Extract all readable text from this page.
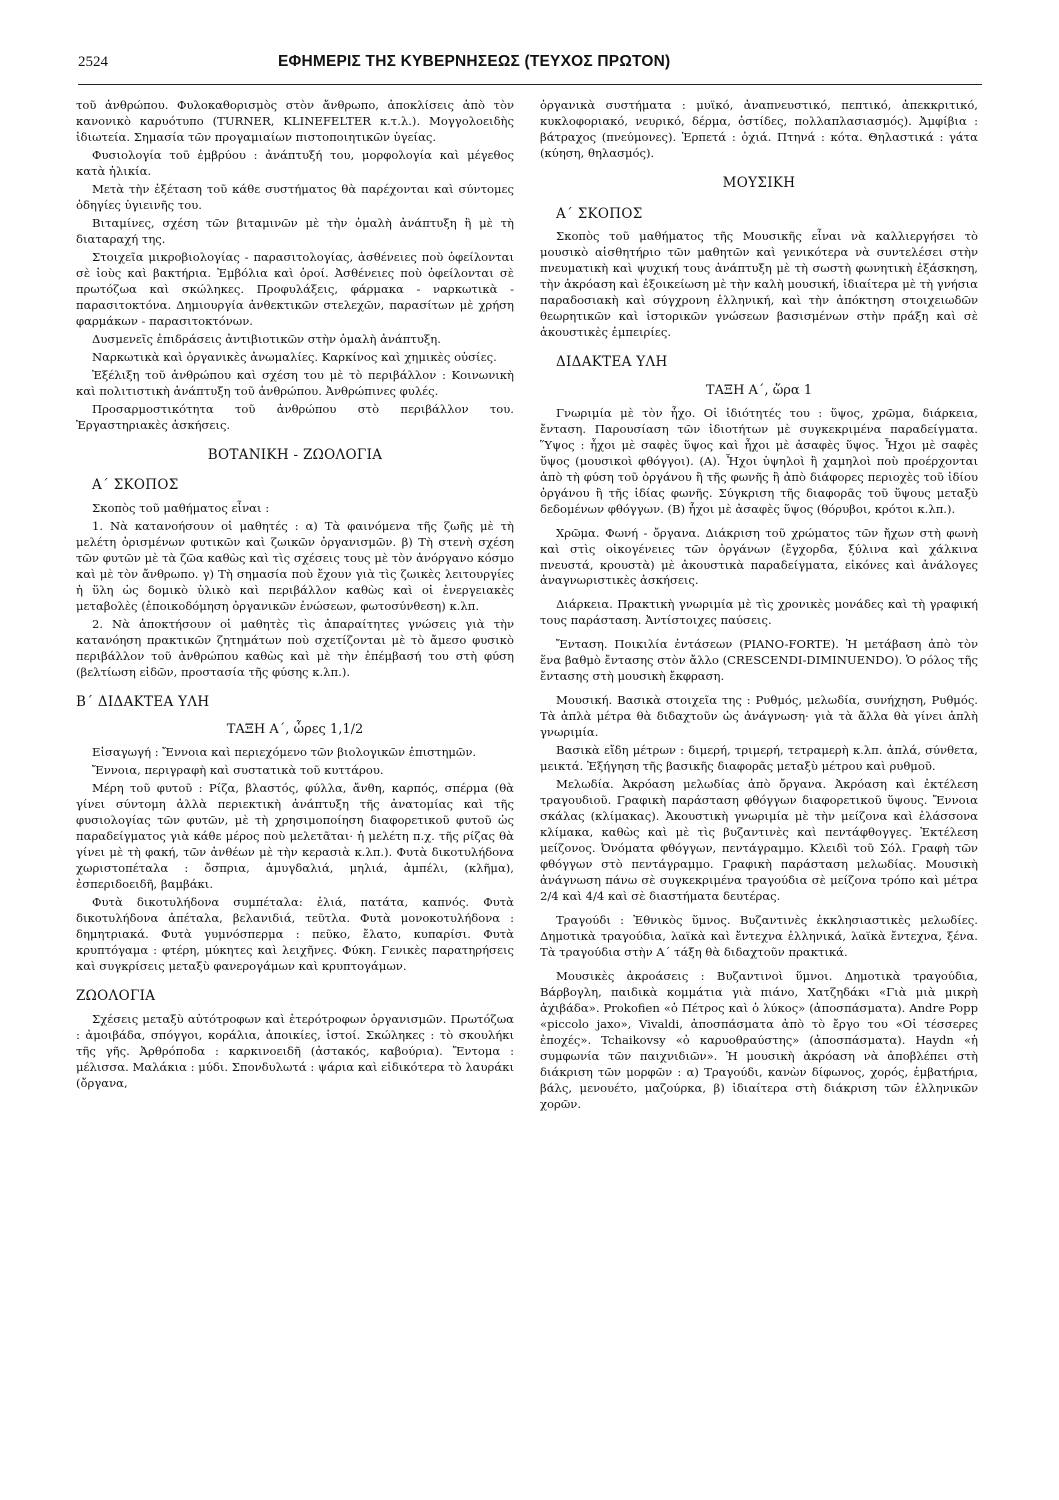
2524	ΕΦΗΜΕΡΙΣ ΤΗΣ ΚΥΒΕΡΝΗΣΕΩΣ (ΤΕΥΧΟΣ ΠΡΩΤΟΝ)

τοῦ ἀνθρώπου. Φυλοκαθορισμὸς στὸν ἄνθρωπο, ἀποκλίσεις ἀπὸ τὸν κανονικὸ καρυότυπο (TURNER, KLINEFELTER κ.τ.λ.). Μογγολοειδὴς ἰδιωτεία. Σημασία τῶν προγαμιαίων πιστοποιητικῶν ὑγείας.

Φυσιολογία τοῦ ἐμβρύου : ἀνάπτυξή του, μορφολογία καὶ μέγεθος κατὰ ἡλικία.

Μετὰ τὴν ἐξέταση τοῦ κάθε συστήματος θὰ παρέχονται καὶ σύντομες ὁδηγίες ὑγιεινῆς του.

Βιταμίνες, σχέση τῶν βιταμινῶν μὲ τὴν ὁμαλὴ ἀνάπτυξη ἢ μὲ τὴ διαταραχή της.

Στοιχεῖα μικροβιολογίας - παρασιτολογίας, ἀσθένειες ποὺ ὀφείλονται σὲ ἰοὺς καὶ βακτήρια. Ἐμβόλια καὶ ὀροί. Ἀσθένειες ποὺ ὀφείλονται σὲ πρωτόζωα καὶ σκώληκες. Προφυλάξεις, φάρμακα - ναρκωτικὰ - παρασιτοκτόνα. Δημιουργία ἀνθεκτικῶν στελεχῶν, παρασίτων μὲ χρήση φαρμάκων - παρασιτοκτόνων.

Δυσμενεῖς ἐπιδράσεις ἀντιβιοτικῶν στὴν ὁμαλὴ ἀνάπτυξη.

Ναρκωτικὰ καὶ ὀργανικὲς ἀνωμαλίες. Καρκίνος καὶ χημικὲς οὐσίες.

Ἐξέλιξη τοῦ ἀνθρώπου καὶ σχέση του μὲ τὸ περιβάλλον : Κοινωνικὴ καὶ πολιτιστικὴ ἀνάπτυξη τοῦ ἀνθρώπου. Ἀνθρώπινες φυλές.

Προσαρμοστικότητα τοῦ ἀνθρώπου στὸ περιβάλλον του. Ἐργαστηριακὲς ἀσκήσεις.

ΒΟΤΑΝΙΚΗ - ΖΩΟΛΟΓΙΑ
Α΄ ΣΚΟΠΟΣ

Σκοπὸς τοῦ μαθήματος εἶναι :

1. Νὰ κατανοήσουν οἱ μαθητές : α) Τὰ φαινόμενα τῆς ζωῆς μὲ τὴ μελέτη ὁρισμένων φυτικῶν καὶ ζωικῶν ὀργανισμῶν. β) Τὴ στενὴ σχέση τῶν φυτῶν μὲ τὰ ζῶα καθὼς καὶ τὶς σχέσεις τους μὲ τὸν ἀνόργανο κόσμο καὶ μὲ τὸν ἄνθρωπο. γ) Τὴ σημασία ποὺ ἔχουν γιὰ τὶς ζωικὲς λειτουργίες ἡ ὕλη ὡς δομικὸ ὑλικὸ καὶ περιβάλλον καθὼς καὶ οἱ ἐνεργειακὲς μεταβολὲς (ἐποικοδόμηση ὀργανικῶν ἑνώσεων, φωτοσύνθεση) κ.λπ.

2. Νὰ ἀποκτήσουν οἱ μαθητὲς τὶς ἀπαραίτητες γνώσεις γιὰ τὴν κατανόηση πρακτικῶν ζητημάτων ποὺ σχετίζονται μὲ τὸ ἄμεσο φυσικὸ περιβάλλον τοῦ ἀνθρώπου καθὼς καὶ μὲ τὴν ἐπέμβασή του στὴ φύση (βελτίωση εἰδῶν, προστασία τῆς φύσης κ.λπ.).

Β΄ ΔΙΔΑΚΤΕΑ ΥΛΗ
ΤΑΞΗ Α΄, ὧρες 1,1/2

Εἰσαγωγή : Ἔννοια καὶ περιεχόμενο τῶν βιολογικῶν ἐπιστημῶν.

Ἔννοια, περιγραφὴ καὶ συστατικὰ τοῦ κυττάρου.

Μέρη τοῦ φυτοῦ : Ρίζα, βλαστός, φύλλα, ἄνθη, καρπός, σπέρμα (θὰ γίνει σύντομη ἀλλὰ περιεκτικὴ ἀνάπτυξη τῆς ἀνατομίας καὶ τῆς φυσιολογίας τῶν φυτῶν, μὲ τὴ χρησιμοποίηση διαφορετικοῦ φυτοῦ ὡς παραδείγματος γιὰ κάθε μέρος ποὺ μελετᾶται· ἡ μελέτη π.χ. τῆς ρίζας θὰ γίνει μὲ τὴ φακή, τῶν ἀνθέων μὲ τὴν κερασιὰ κ.λπ.). Φυτὰ δικοτυλήδονα χωριστοπέταλα : ὄσπρια, ἀμυγδαλιά, μηλιά, ἀμπέλι, (κλῆμα), ἐσπεριδοειδῆ, βαμβάκι.

Φυτὰ δικοτυλήδονα συμπέταλα: ἐλιά, πατάτα, καπνός. Φυτὰ δικοτυλήδονα ἀπέταλα, βελανιδιά, τεῦτλα. Φυτὰ μονοκοτυλήδονα : δημητριακά. Φυτὰ γυμνόσπερμα : πεῦκο, ἔλατο, κυπαρίσι. Φυτὰ κρυπτόγαμα : φτέρη, μύκητες καὶ λειχῆνες. Φύκη. Γενικὲς παρατηρήσεις καὶ συγκρίσεις μεταξὺ φανερογάμων καὶ κρυπτογάμων.

ΖΩΟΛΟΓΙΑ

Σχέσεις μεταξὺ αὐτότροφων καὶ ἑτερότροφων ὀργανισμῶν. Πρωτόζωα : ἀμοιβάδα, σπόγγοι, κοράλια, ἀποικίες, ἱστοί. Σκώληκες : τὸ σκουλήκι τῆς γῆς. Ἀρθρόποδα : καρκινοειδῆ (ἀστακός, καβούρια). Ἔντομα : μέλισσα. Μαλάκια : μύδι. Σπονδυλωτά : ψάρια καὶ εἰδικότερα τὸ λαυράκι (ὄργανα,

ὀργανικὰ συστήματα : μυϊκό, ἀναπνευστικό, πεπτικό, ἀπεκκριτικό, κυκλοφοριακό, νευρικό, δέρμα, ὀστίδες, πολλαπλασιασμός). Ἀμφίβια : βάτραχος (πνεύμονες). Ἑρπετά : ὀχιά. Πτηνά : κότα. Θηλαστικά : γάτα (κύηση, θηλασμός).

ΜΟΥΣΙΚΗ
Α΄ ΣΚΟΠΟΣ

Σκοπὸς τοῦ μαθήματος τῆς Μουσικῆς εἶναι νὰ καλλιεργήσει τὸ μουσικὸ αἰσθητήριο τῶν μαθητῶν καὶ γενικότερα νὰ συντελέσει στὴν πνευματικὴ καὶ ψυχική τους ἀνάπτυξη μὲ τὴ σωστὴ φωνητικὴ ἐξάσκηση, τὴν ἀκρόαση καὶ ἐξοικείωση μὲ τὴν καλὴ μουσική, ἰδιαίτερα μὲ τὴ γνήσια παραδοσιακὴ καὶ σύγχρονη ἑλληνική, καὶ τὴν ἀπόκτηση στοιχειωδῶν θεωρητικῶν καὶ ἱστορικῶν γνώσεων βασισμένων στὴν πράξη καὶ σὲ ἀκουστικὲς ἐμπειρίες.

ΔΙΔΑΚΤΕΑ ΥΛΗ
ΤΑΞΗ Α΄, ὥρα 1

Γνωριμία μὲ τὸν ἦχο. Οἱ ἰδιότητές του : ὕψος, χρῶμα, διάρκεια, ἔνταση. Παρουσίαση τῶν ἰδιοτήτων μὲ συγκεκριμένα παραδείγματα. Ὕψος : ἦχοι μὲ σαφὲς ὕψος καὶ ἦχοι μὲ ἀσαφὲς ὕψος. Ἦχοι μὲ σαφὲς ὕψος (μουσικοὶ φθόγγοι). (Α). Ἦχοι ὑψηλοὶ ἢ χαμηλοὶ ποὺ προέρχονται ἀπὸ τὴ φύση τοῦ ὀργάνου ἢ τῆς φωνῆς ἢ ἀπὸ διάφορες περιοχὲς τοῦ ἰδίου ὀργάνου ἢ τῆς ἰδίας φωνῆς. Σύγκριση τῆς διαφορᾶς τοῦ ὕψους μεταξὺ δεδομένων φθόγγων. (Β) ἦχοι μὲ ἀσαφὲς ὕψος (θόρυβοι, κρότοι κ.λπ.).

Χρῶμα. Φωνή - ὄργανα. Διάκριση τοῦ χρώματος τῶν ἤχων στὴ φωνὴ καὶ στὶς οἰκογένειες τῶν ὀργάνων (ἔγχορδα, ξύλινα καὶ χάλκινα πνευστά, κρουστὰ) μὲ ἀκουστικὰ παραδείγματα, εἰκόνες καὶ ἀνάλογες ἀναγνωριστικὲς ἀσκήσεις.

Διάρκεια. Πρακτικὴ γνωριμία μὲ τὶς χρονικὲς μονάδες καὶ τὴ γραφική τους παράσταση. Ἀντίστοιχες παύσεις.

Ἔνταση. Ποικιλία ἐντάσεων (PIANO-FORTE). Ἡ μετάβαση ἀπὸ τὸν ἕνα βαθμὸ ἔντασης στὸν ἄλλο (CRESCENDI-DIMINUENDO). Ὁ ρόλος τῆς ἔντασης στὴ μουσικὴ ἔκφραση.

Μουσική. Βασικὰ στοιχεῖα της : Ρυθμός, μελωδία, συνήχηση, Ρυθμός. Τὰ ἁπλὰ μέτρα θὰ διδαχτοῦν ὡς ἀνάγνωση· γιὰ τὰ ἄλλα θὰ γίνει ἁπλὴ γνωριμία.

Βασικὰ εἴδη μέτρων : διμερή, τριμερή, τετραμερὴ κ.λπ. ἁπλά, σύνθετα, μεικτά. Ἐξήγηση τῆς βασικῆς διαφορᾶς μεταξὺ μέτρου καὶ ρυθμοῦ.

Μελωδία. Ἀκρόαση μελωδίας ἀπὸ ὄργανα. Ἀκρόαση καὶ ἐκτέλεση τραγουδιοῦ. Γραφικὴ παράσταση φθόγγων διαφορετικοῦ ὕψους. Ἔννοια σκάλας (κλίμακας). Ἀκουστικὴ γνωριμία μὲ τὴν μείζονα καὶ ἐλάσσονα κλίμακα, καθὼς καὶ μὲ τὶς βυζαντινὲς καὶ πεντάφθογγες. Ἐκτέλεση μείζονος. Ὀνόματα φθόγγων, πεντάγραμμο. Κλειδὶ τοῦ Σόλ. Γραφὴ τῶν φθόγγων στὸ πεντάγραμμο. Γραφικὴ παράσταση μελωδίας. Μουσικὴ ἀνάγνωση πάνω σὲ συγκεκριμένα τραγούδια σὲ μείζονα τρόπο καὶ μέτρα 2/4 καὶ 4/4 καὶ σὲ διαστήματα δευτέρας.

Τραγούδι : Ἐθνικὸς ὕμνος. Βυζαντινὲς ἐκκλησιαστικὲς μελωδίες. Δημοτικὰ τραγούδια, λαϊκὰ καὶ ἔντεχνα ἑλληνικά, λαϊκὰ ἔντεχνα, ξένα. Τὰ τραγούδια στὴν Α΄ τάξη θὰ διδαχτοῦν πρακτικά.

Μουσικὲς ἀκροάσεις : Βυζαντινοὶ ὕμνοι. Δημοτικὰ τραγούδια, Βάρβογλη, παιδικὰ κομμάτια γιὰ πιάνο, Χατζηδάκι «Γιὰ μιὰ μικρὴ ἀχιβάδα». Prokofien «ὁ Πέτρος καὶ ὁ λύκος» (ἀποσπάσματα). Andre Popp «piccolo jaxo», Vivaldi, ἀποσπάσματα ἀπὸ τὸ ἔργο του «Οἱ τέσσερες ἐποχές». Tchaikovsy «ὁ καρυοθραύστης» (ἀποσπάσματα). Haydn «ἡ συμφωνία τῶν παιχνιδιῶν». Ἡ μουσικὴ ἀκρόαση νὰ ἀποβλέπει στὴ διάκριση τῶν μορφῶν : α) Τραγούδι, κανὼν δίφωνος, χορός, ἐμβατήρια, βάλς, μενουέτο, μαζούρκα, β) ἰδιαίτερα στὴ διάκριση τῶν ἑλληνικῶν χορῶν.
